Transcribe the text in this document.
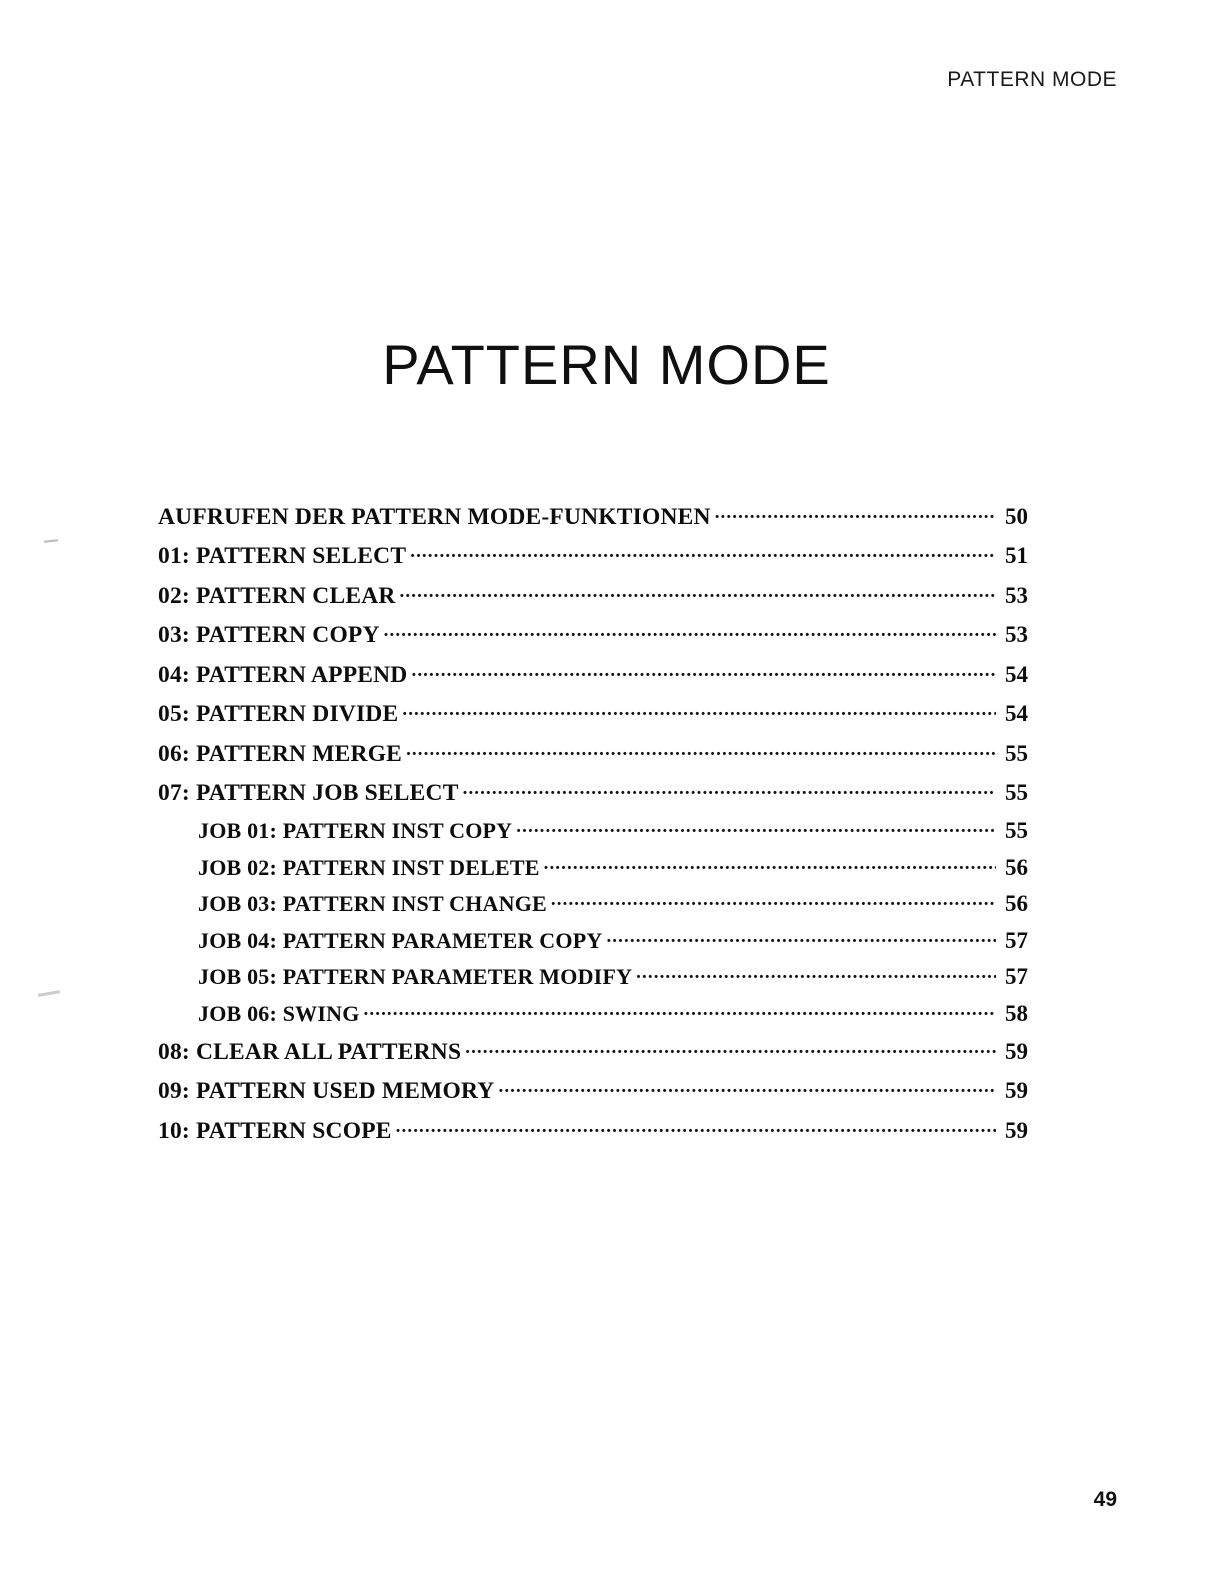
PATTERN MODE
PATTERN MODE
AUFRUFEN DER PATTERN MODE-FUNKTIONEN .....	50
01: PATTERN SELECT .....	51
02: PATTERN CLEAR .....	53
03: PATTERN COPY .....	53
04: PATTERN APPEND .....	54
05: PATTERN DIVIDE .....	54
06: PATTERN MERGE .....	55
07: PATTERN JOB SELECT .....	55
JOB 01: PATTERN INST COPY .....	55
JOB 02: PATTERN INST DELETE .....	56
JOB 03: PATTERN INST CHANGE .....	56
JOB 04: PATTERN PARAMETER COPY .....	57
JOB 05: PATTERN PARAMETER MODIFY .....	57
JOB 06: SWING .....	58
08: CLEAR ALL PATTERNS .....	59
09: PATTERN USED MEMORY .....	59
10: PATTERN SCOPE .....	59
49
